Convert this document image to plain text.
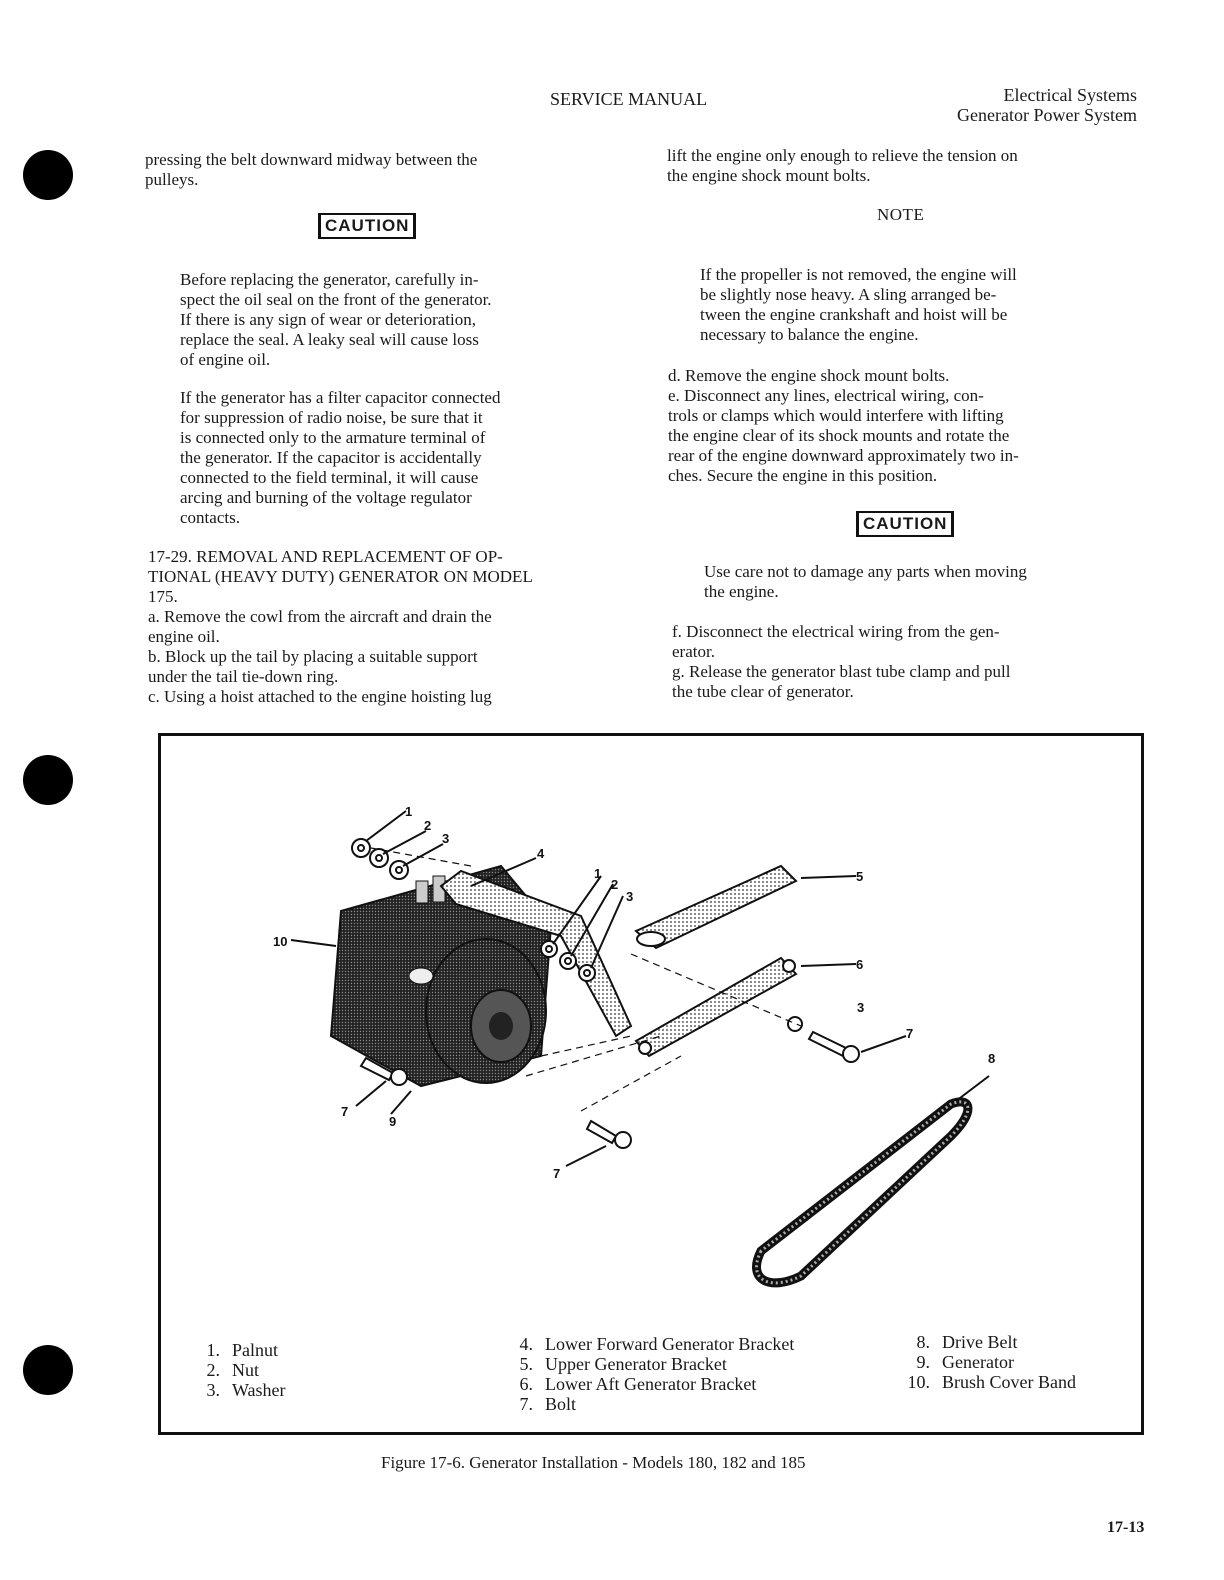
SERVICE MANUAL	Electrical Systems
Generator Power System

pressing the belt downward midway between the
pulleys.

CAUTION

Before replacing the generator, carefully in-
spect the oil seal on the front of the generator.
If there is any sign of wear or deterioration,
replace the seal. A leaky seal will cause loss
of engine oil.

If the generator has a filter capacitor connected
for suppression of radio noise, be sure that it
is connected only to the armature terminal of
the generator. If the capacitor is accidentally
connected to the field terminal, it will cause
arcing and burning of the voltage regulator
contacts.

17-29. REMOVAL AND REPLACEMENT OF OP-
TIONAL (HEAVY DUTY) GENERATOR ON MODEL
175.

a. Remove the cowl from the aircraft and drain the
engine oil.
b. Block up the tail by placing a suitable support
under the tail tie-down ring.
c. Using a hoist attached to the engine hoisting lug

lift the engine only enough to relieve the tension on
the engine shock mount bolts.

NOTE

If the propeller is not removed, the engine will
be slightly nose heavy. A sling arranged be-
tween the engine crankshaft and hoist will be
necessary to balance the engine.

d. Remove the engine shock mount bolts.
e. Disconnect any lines, electrical wiring, con-
trols or clamps which would interfere with lifting
the engine clear of its shock mounts and rotate the
rear of the engine downward approximately two in-
ches. Secure the engine in this position.

CAUTION

Use care not to damage any parts when moving
the engine.

f. Disconnect the electrical wiring from the gen-
erator.
g. Release the generator blast tube clamp and pull
the tube clear of generator.

1
2
3
4
1
2
3
5
6
3
7
8
10
7
9
7
1. Palnut
2. Nut
3. Washer
4. Lower Forward Generator Bracket
5. Upper Generator Bracket
6. Lower Aft Generator Bracket
7. Bolt
8. Drive Belt
9. Generator
10. Brush Cover Band
Figure 17-6. Generator Installation - Models 180, 182 and 185
17-13
